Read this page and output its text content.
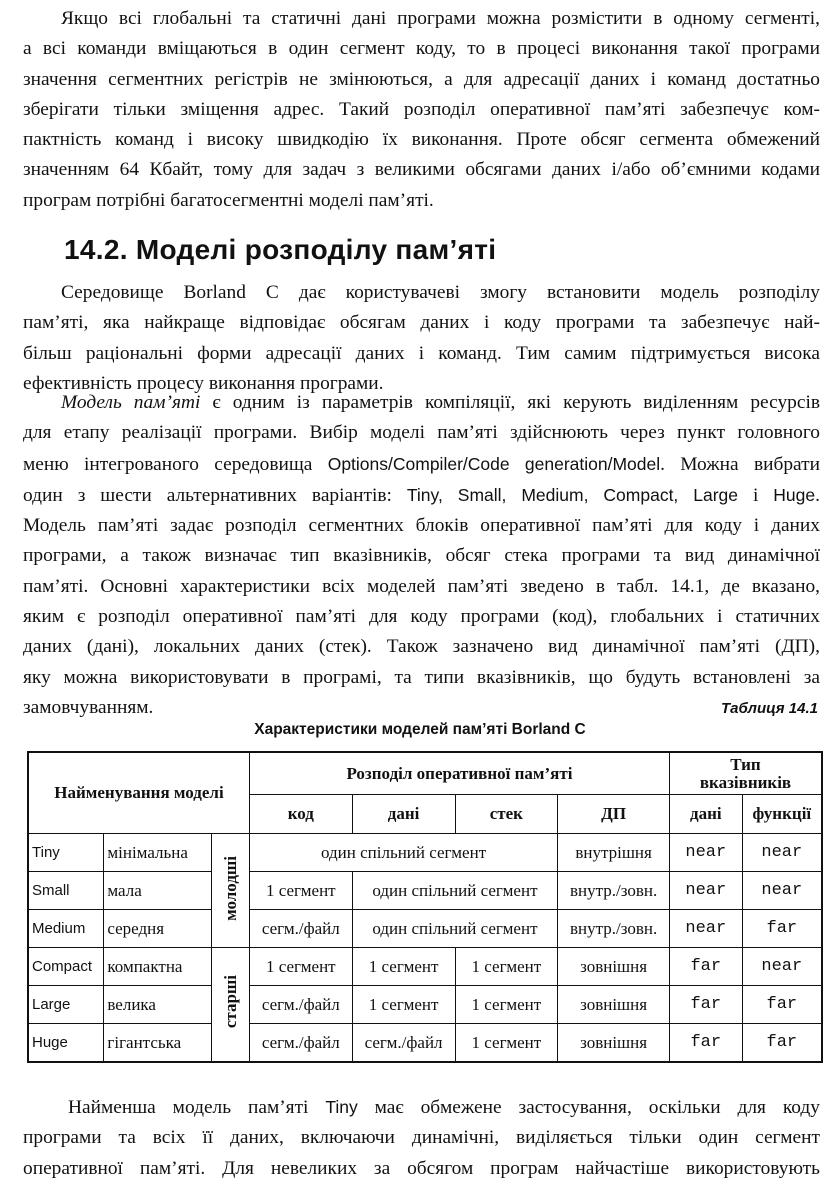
Якщо всі глобальні та статичні дані програми можна розмістити в одному сегменті,
а всі команди вміщаються в один сегмент коду, то в процесі виконання такої програми
значення сегментних регістрів не змінюються, а для адресації даних і команд достатньо
зберігати тільки зміщення адрес. Такий розподіл оперативної пам’яті забезпечує ком-
пактність команд і високу швидкодію їх виконання. Проте обсяг сегмента обмежений
значенням 64 Кбайт, тому для задач з великими обсягами даних і/або об’ємними кодами
програм потрібні багатосегментні моделі пам’яті.
14.2. Моделі розподілу пам’яті
Середовище Borland C дає користувачеві змогу встановити модель розподілу
пам’яті, яка найкраще відповідає обсягам даних і коду програми та забезпечує най-
більш раціональні форми адресації даних і команд. Тим самим підтримується висока
ефективність процесу виконання програми.
Модель пам’яті є одним із параметрів компіляції, які керують виділенням ресурсів
для етапу реалізації програми. Вибір моделі пам’яті здійснюють через пункт головного
меню інтегрованого середовища Options/Compiler/Code generation/Model. Можна вибрати
один з шести альтернативних варіантів: Tiny, Small, Medium, Compact, Large і Huge.
Модель пам’яті задає розподіл сегментних блоків оперативної пам’яті для коду і даних
програми, а також визначає тип вказівників, обсяг стека програми та вид динамічної
пам’яті. Основні характеристики всіх моделей пам’яті зведено в табл. 14.1, де вказано,
яким є розподіл оперативної пам’яті для коду програми (код), глобальних і статичних
даних (дані), локальних даних (стек). Також зазначено вид динамічної пам’яті (ДП),
яку можна використовувати в програмі, та типи вказівників, що будуть встановлені за
замовчуванням.	Таблиця 14.1
Характеристики моделей пам’яті Borland C
Найменування моделі			Розподіл оперативної пам’яті				Тип
вказівників	
			код	дані	стек	ДП	дані	функції
Tiny	мінімальна	молодші	один спільний сегмент			внутрішня	near	near
Small	мала		1 сегмент	один спільний сегмент		внутр./зовн.	near	near
Medium	середня		сегм./файл	один спільний сегмент		внутр./зовн.	near	far
Compact	компактна	старші	1 сегмент	1 сегмент	1 сегмент	зовнішня	far	near
Large	велика		сегм./файл	1 сегмент	1 сегмент	зовнішня	far	far
Huge	гігантська		сегм./файл	сегм./файл	1 сегмент	зовнішня	far	far
Найменша модель пам’яті Tiny має обмежене застосування, оскільки для коду
програми та всіх її даних, включаючи динамічні, виділяється тільки один сегмент
оперативної пам’яті. Для невеликих за обсягом програм найчастіше використовують
